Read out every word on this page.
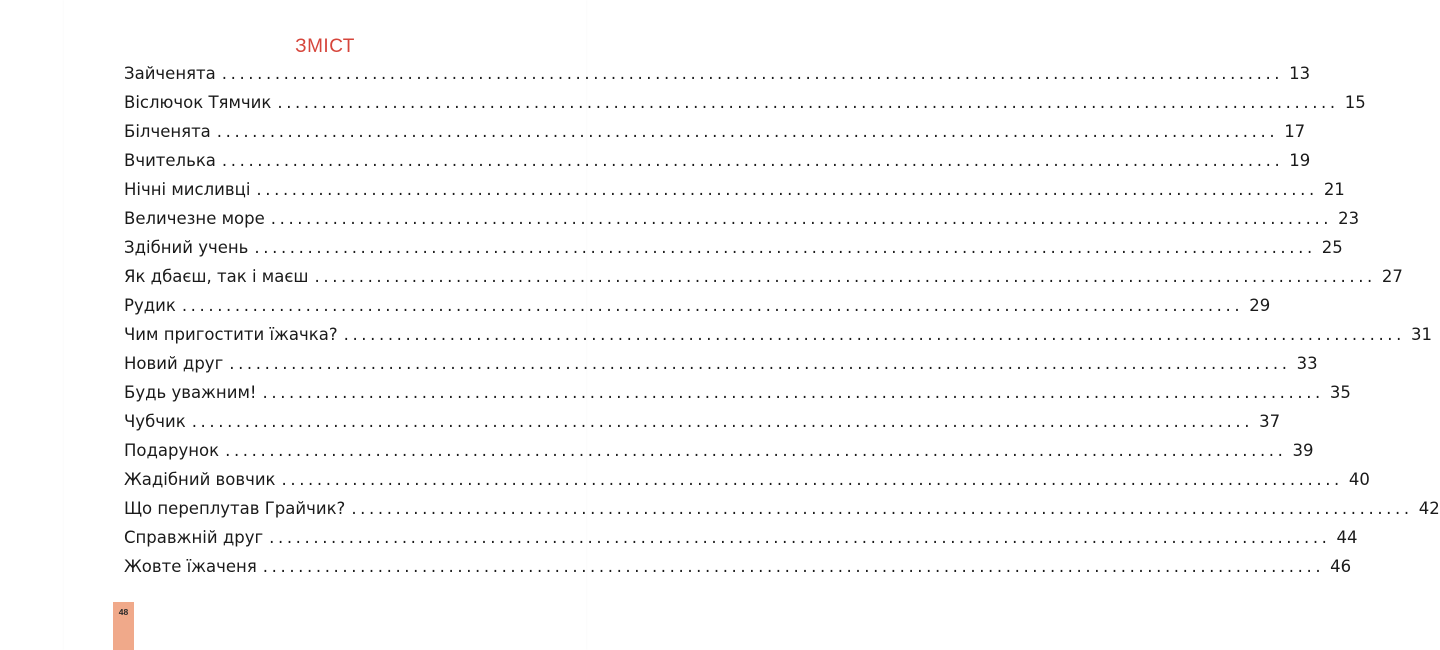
ЗМІСТ
Зайченята ........................................................................................................................ 13
Віслючок Тямчик ........................................................................................................................ 15
Білченята ........................................................................................................................ 17
Вчителька ........................................................................................................................ 19
Нічні мисливці ........................................................................................................................ 21
Величезне море ........................................................................................................................ 23
Здібний учень ........................................................................................................................ 25
Як дбаєш, так і маєш ........................................................................................................................ 27
Рудик ........................................................................................................................ 29
Чим пригостити їжачка? ........................................................................................................................ 31
Новий друг ........................................................................................................................ 33
Будь уважним! ........................................................................................................................ 35
Чубчик ........................................................................................................................ 37
Подарунок ........................................................................................................................ 39
Жадібний вовчик ........................................................................................................................ 40
Що переплутав Грайчик? ........................................................................................................................ 42
Справжній друг ........................................................................................................................ 44
Жовте їжаченя ........................................................................................................................ 46
48
